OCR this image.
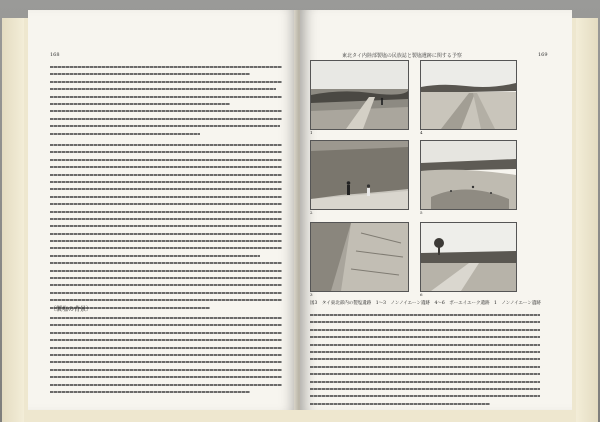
168
〔製塩の背景〕
東北タイ内陸部製塩の民族誌と製塩遺跡に関する予察	169
1	4
2	5
3	6
図3　タイ東北部内の製塩遺跡　1～3　ノンノイエーン遺跡　4～6　ボーエイエーク遺跡　1　ノンノイエーン遺跡
